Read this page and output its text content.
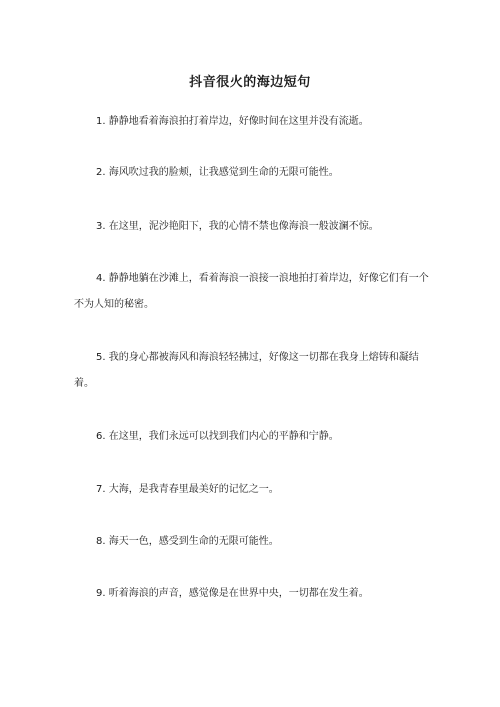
抖音很火的海边短句

1. 静静地看着海浪拍打着岸边，好像时间在这里并没有流逝。

2. 海风吹过我的脸颊，让我感觉到生命的无限可能性。

3. 在这里，泥沙艳阳下，我的心情不禁也像海浪一般波澜不惊。

4. 静静地躺在沙滩上，看着海浪一浪接一浪地拍打着岸边，好像它们有一个不为人知的秘密。

5. 我的身心都被海风和海浪轻轻拂过，好像这一切都在我身上熔铸和凝结着。

6. 在这里，我们永远可以找到我们内心的平静和宁静。

7. 大海，是我青春里最美好的记忆之一。

8. 海天一色，感受到生命的无限可能性。

9. 听着海浪的声音，感觉像是在世界中央，一切都在发生着。
